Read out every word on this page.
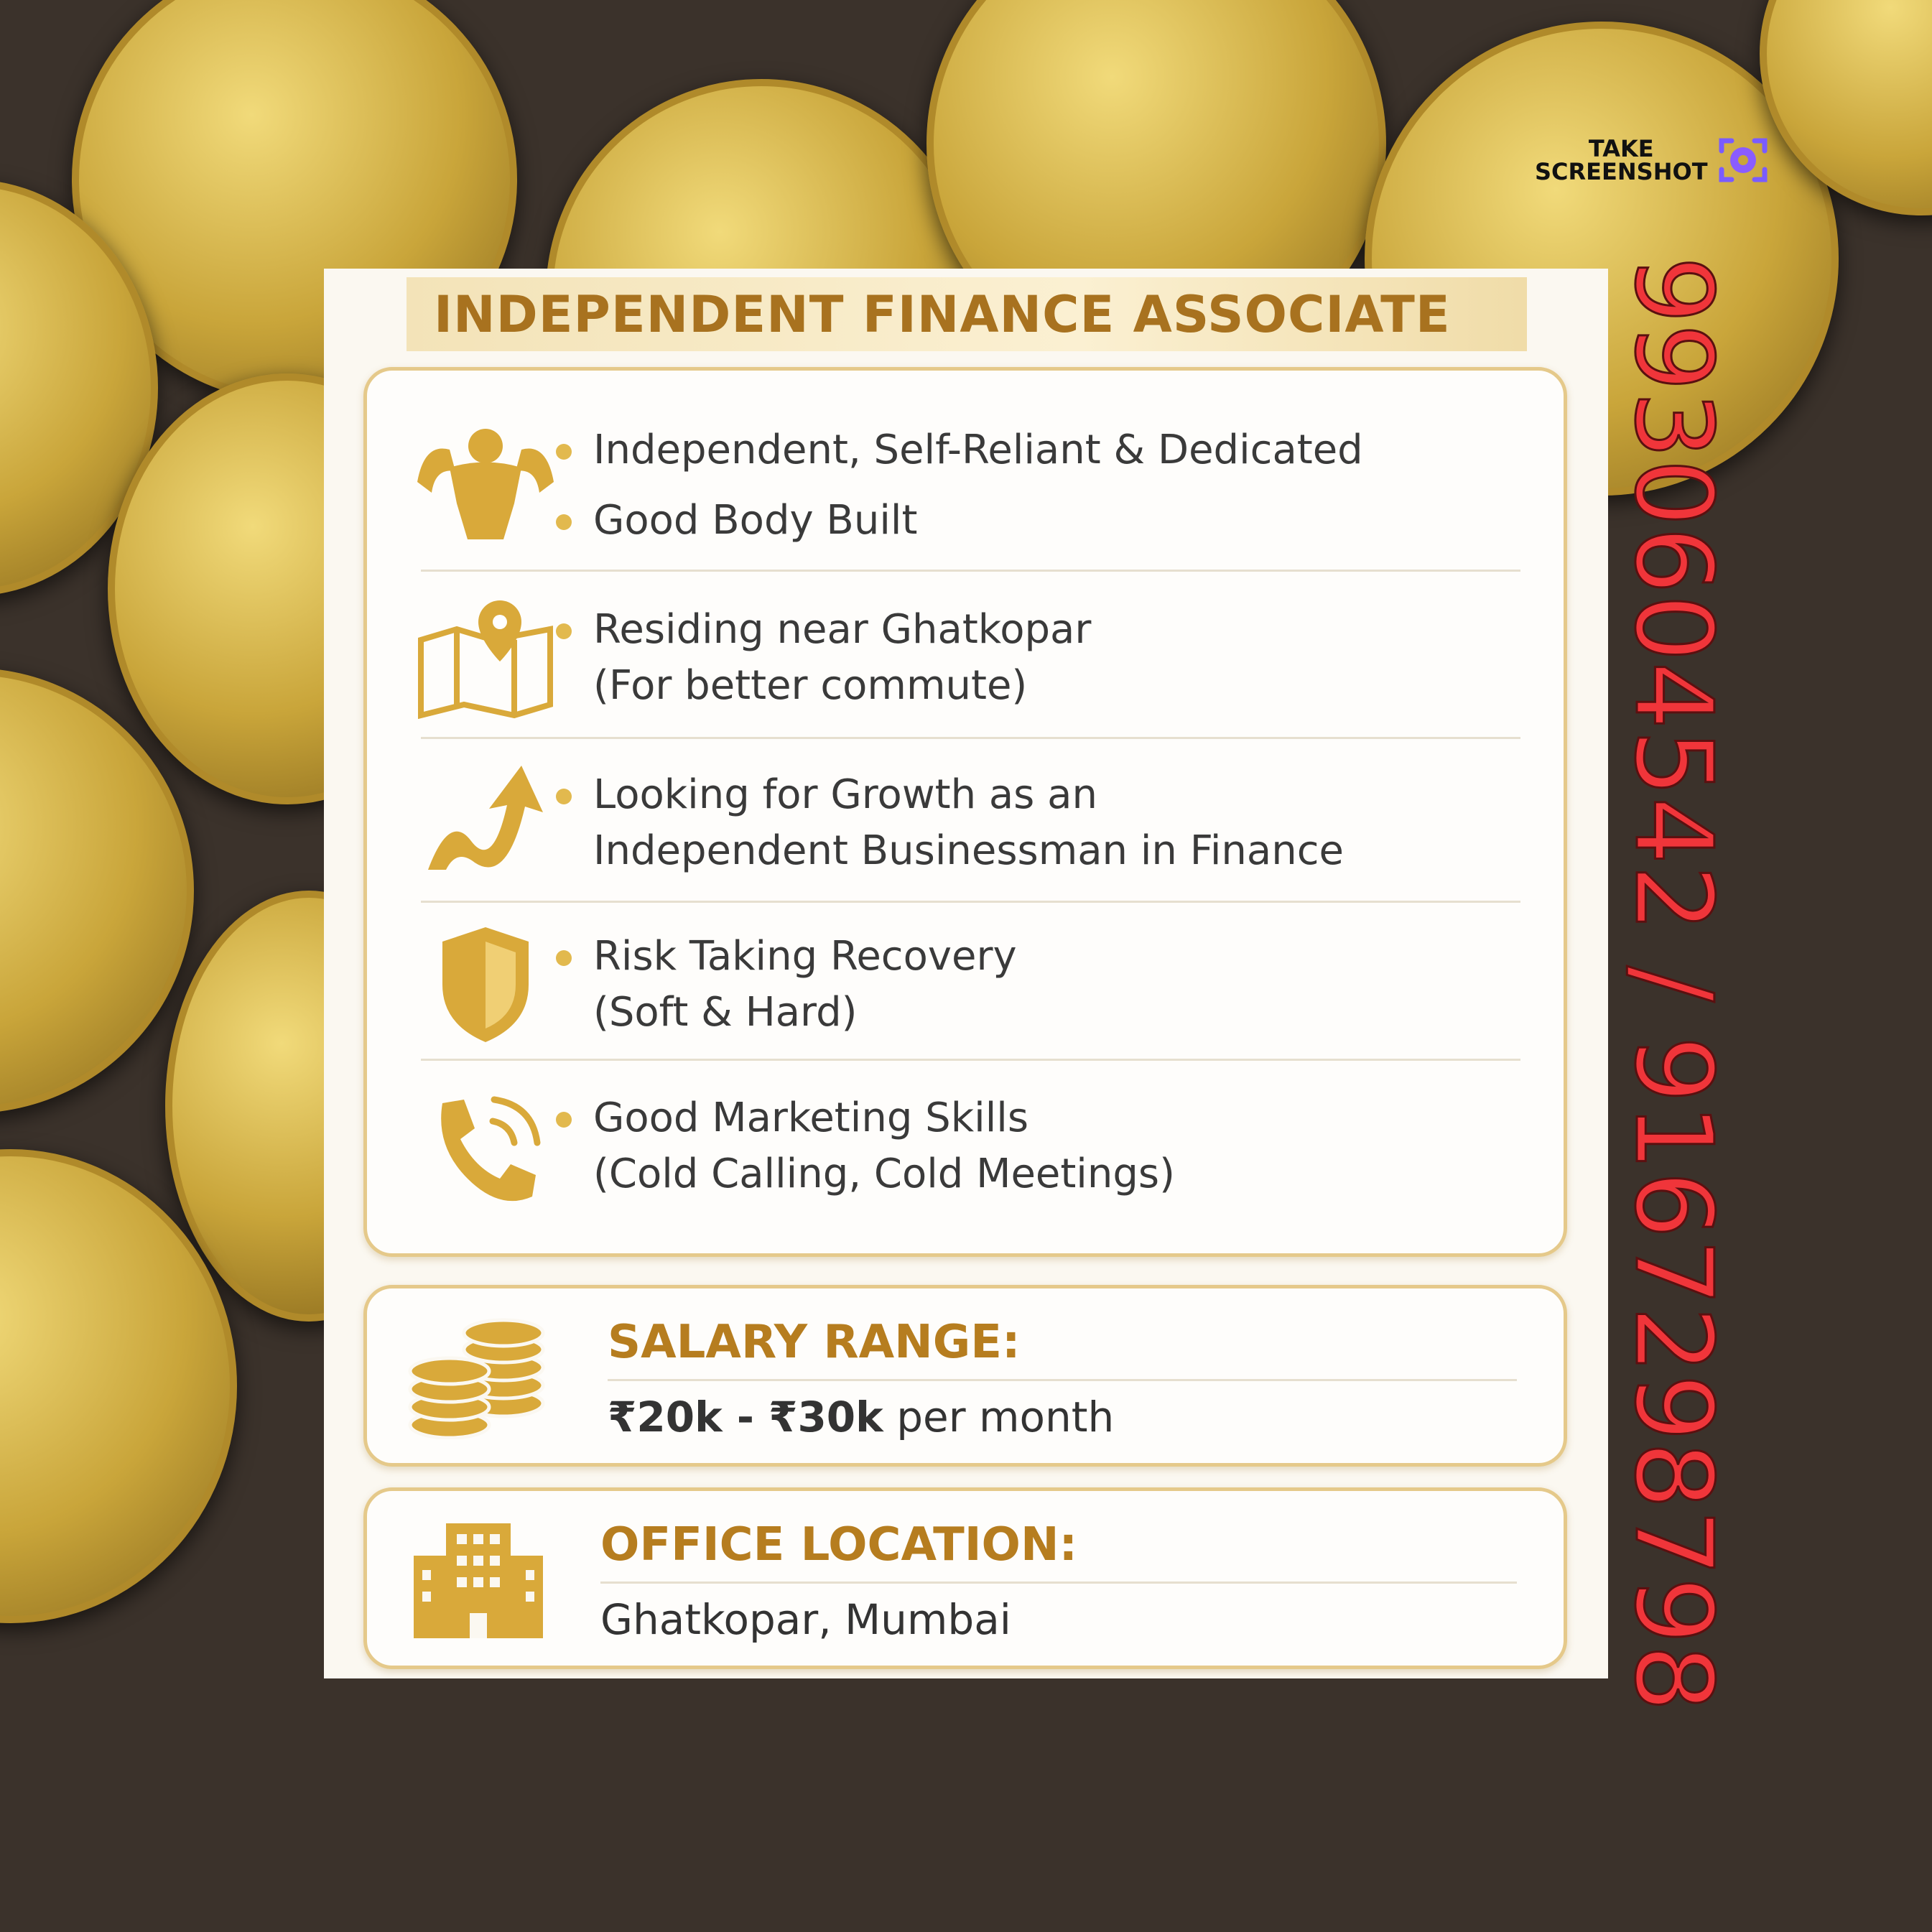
TAKE
SCREENSHOT
INDEPENDENT FINANCE ASSOCIATE
Independent, Self-Reliant & Dedicated
Good Body Built
Residing near Ghatkopar
(For better commute)
Looking for Growth as an
Independent Businessman in Finance
Risk Taking Recovery
(Soft & Hard)
Good Marketing Skills
(Cold Calling, Cold Meetings)
SALARY RANGE:
₹20k - ₹30k per month
OFFICE LOCATION:
Ghatkopar, Mumbai	9930604542 / 9167298798
